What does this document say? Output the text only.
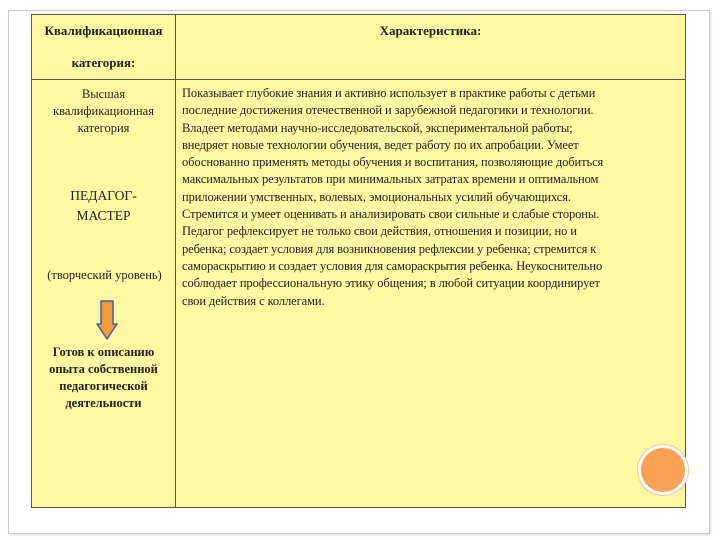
Квалификационная
категория:
Характеристика:
Высшая
квалификационная
категория
ПЕДАГОГ-
МАСТЕР
(творческий уровень)
Готов к описанию
опыта собственной
педагогической
деятельности
Показывает глубокие знания и активно использует в практике работы с детьми
последние достижения отечественной и зарубежной педагогики и технологии.
Владеет методами научно-исследовательской, экспериментальной работы;
внедряет новые технологии обучения, ведет работу по их апробации. Умеет
обоснованно применять методы обучения и воспитания, позволяющие добиться
максимальных результатов при минимальных затратах времени и оптимальном
приложении умственных, волевых, эмоциональных усилий обучающихся.
Стремится и умеет оценивать и анализировать свои сильные и слабые стороны.
Педагог рефлексирует не только свои действия, отношения и позиции, но и
ребенка; создает условия для возникновения рефлексии у ребенка; стремится к
самораскрытию и создает условия для самораскрытия ребенка. Неукоснительно
соблюдает профессиональную этику общения; в любой ситуации координирует
свои действия с коллегами.
